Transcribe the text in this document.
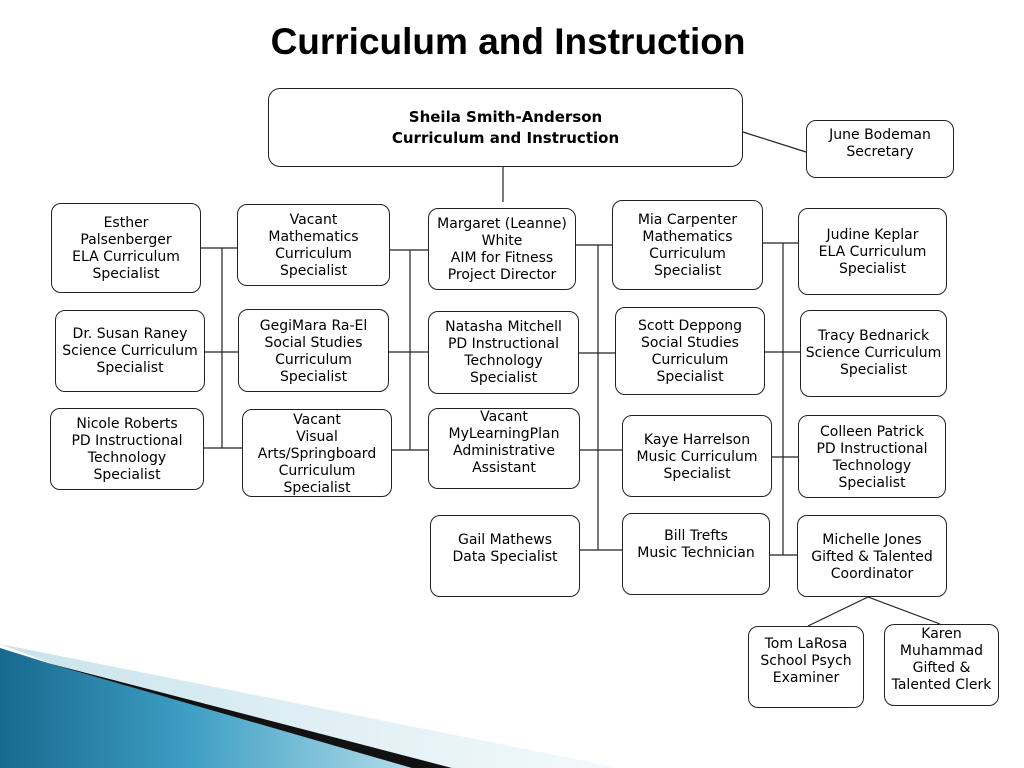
Curriculum and Instruction
Sheila Smith-Anderson
Curriculum and Instruction	June Bodeman
Secretary
Esther
Palsenberger
ELA Curriculum
Specialist
Dr. Susan Raney
Science Curriculum
Specialist
Nicole Roberts
PD Instructional
Technology
Specialist
Vacant
Mathematics
Curriculum
Specialist
GegiMara Ra-El
Social Studies
Curriculum
Specialist
Vacant
Visual
Arts/Springboard
Curriculum
Specialist
Margaret (Leanne)
White
AIM for Fitness
Project Director
Natasha Mitchell
PD Instructional
Technology
Specialist
Vacant
MyLearningPlan
Administrative
Assistant
Gail Mathews
Data Specialist
Mia Carpenter
Mathematics
Curriculum
Specialist
Scott Deppong
Social Studies
Curriculum
Specialist
Kaye Harrelson
Music Curriculum
Specialist
Bill Trefts
Music Technician
Judine Keplar
ELA Curriculum
Specialist
Tracy Bednarick
Science Curriculum
Specialist
Colleen Patrick
PD Instructional
Technology
Specialist
Michelle Jones
Gifted & Talented
Coordinator
Tom LaRosa
School Psych
Examiner
Karen
Muhammad
Gifted &
Talented Clerk
